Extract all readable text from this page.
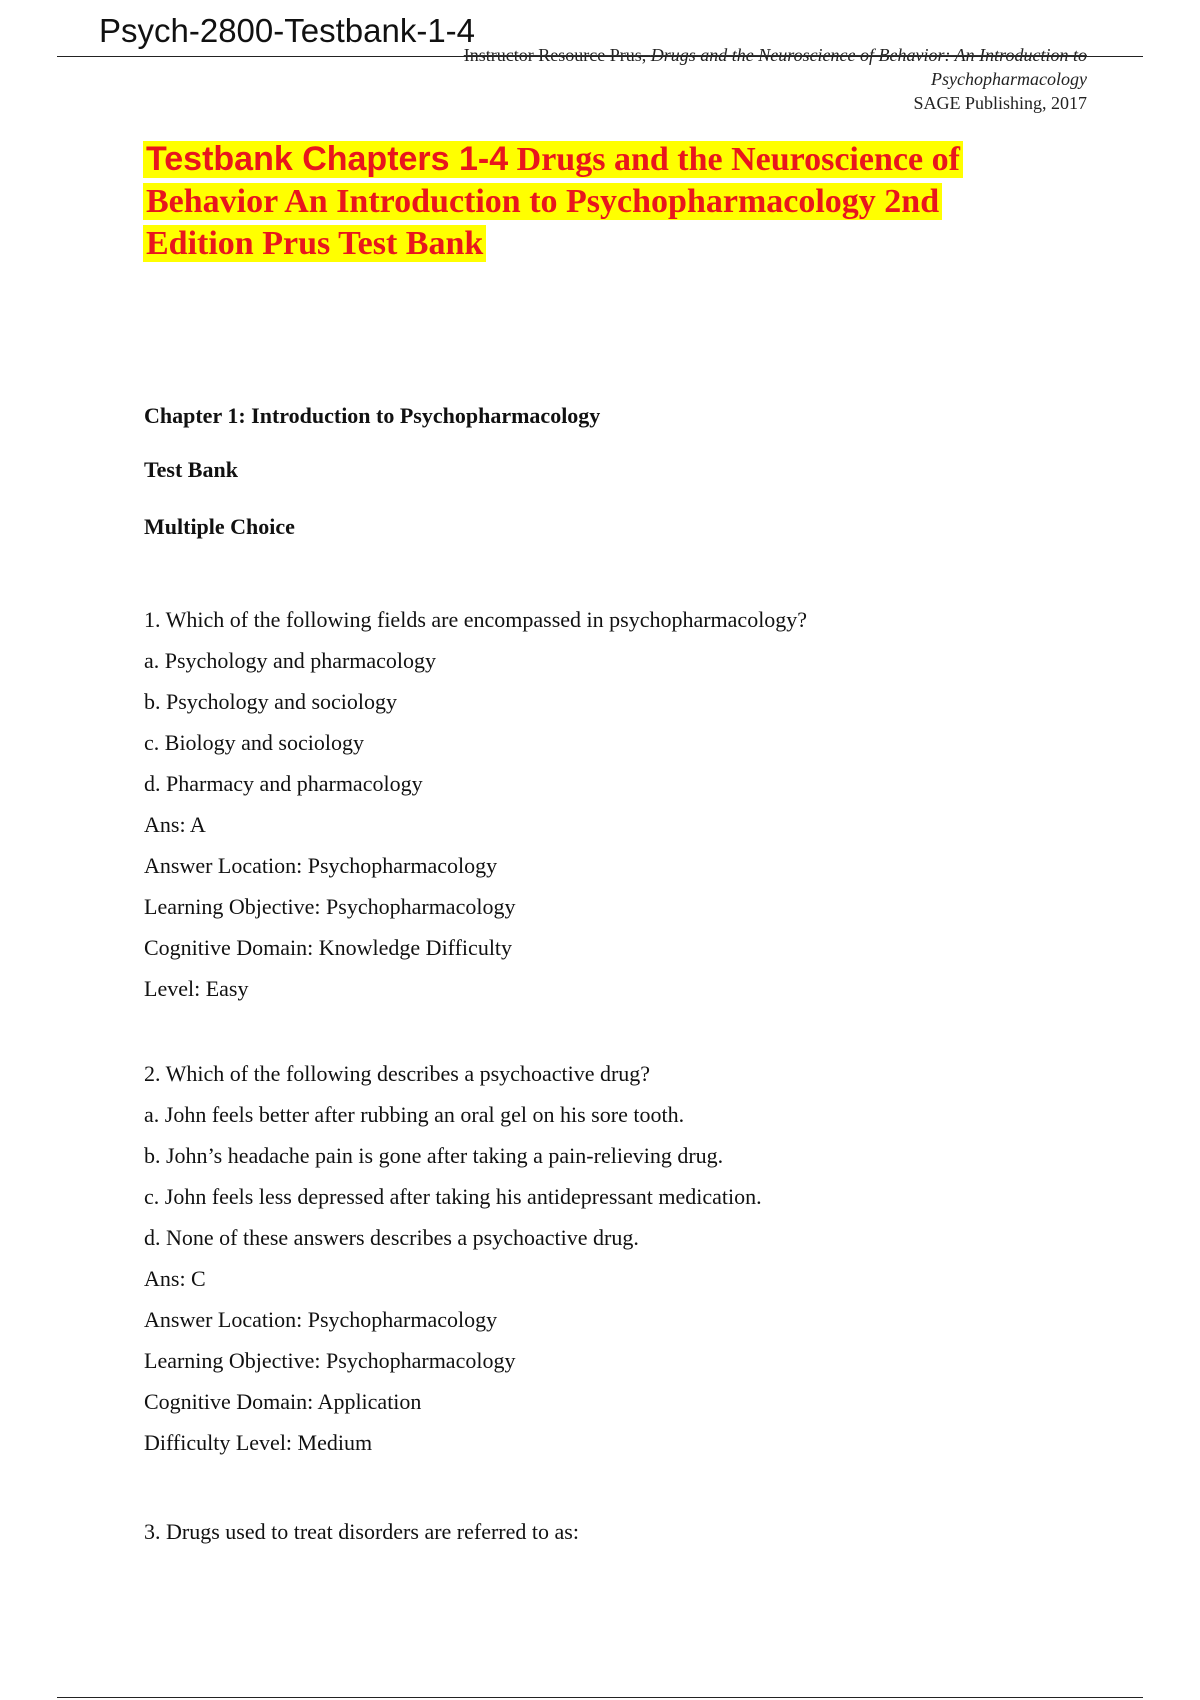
Psych-2800-Testbank-1-4
Instructor Resource Prus, Drugs and the Neuroscience of Behavior: An Introduction to
Psychopharmacology
SAGE Publishing, 2017
Testbank Chapters 1-4 Drugs and the Neuroscience of Behavior An Introduction to Psychopharmacology 2nd Edition Prus Test Bank
Chapter 1: Introduction to Psychopharmacology
Test Bank
Multiple Choice
1. Which of the following fields are encompassed in psychopharmacology?
a. Psychology and pharmacology
b. Psychology and sociology
c. Biology and sociology
d. Pharmacy and pharmacology
Ans: A
Answer Location: Psychopharmacology
Learning Objective: Psychopharmacology
Cognitive Domain: Knowledge Difficulty
Level: Easy
2. Which of the following describes a psychoactive drug?
a. John feels better after rubbing an oral gel on his sore tooth.
b. John’s headache pain is gone after taking a pain-relieving drug.
c. John feels less depressed after taking his antidepressant medication.
d. None of these answers describes a psychoactive drug.
Ans: C
Answer Location: Psychopharmacology
Learning Objective: Psychopharmacology
Cognitive Domain: Application
Difficulty Level: Medium
3. Drugs used to treat disorders are referred to as:
